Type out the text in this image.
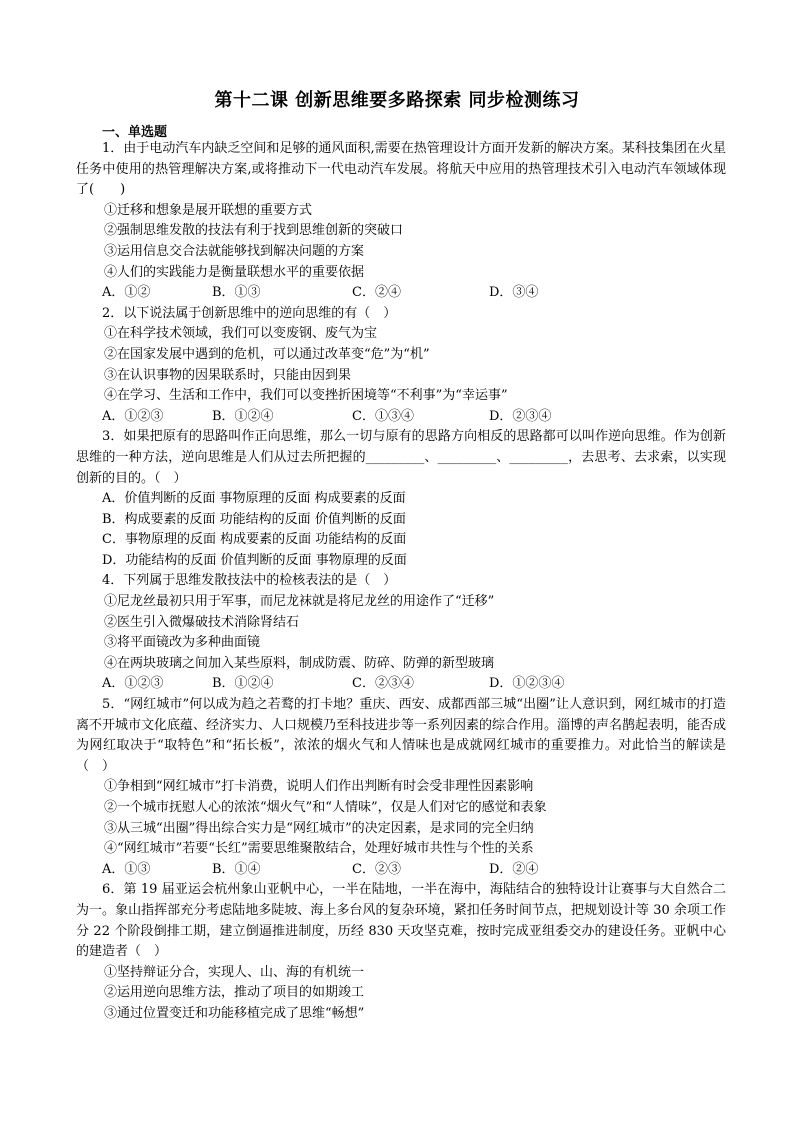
第十二课 创新思维要多路探索 同步检测练习
一、单选题

1．由于电动汽车内缺乏空间和足够的通风面积,需要在热管理设计方面开发新的解决方案。某科技集团在火星任务中使用的热管理解决方案,或将推动下一代电动汽车发展。将航天中应用的热管理技术引入电动汽车领域体现了(　　)

①迁移和想象是展开联想的重要方式
②强制思维发散的技法有利于找到思维创新的突破口
③运用信息交合法就能够找到解决问题的方案
④人们的实践能力是衡量联想水平的重要依据
A．①②	B．①③	C．②④	D．③④

2．以下说法属于创新思维中的逆向思维的有（　）

①在科学技术领域，我们可以变废钢、废气为宝
②在国家发展中遇到的危机，可以通过改革变“危”为“机”
③在认识事物的因果联系时，只能由因到果
④在学习、生活和工作中，我们可以变挫折困境等“不利事”为“幸运事”
A．①②③	B．①②④	C．①③④	D．②③④

3．如果把原有的思路叫作正向思维，那么一切与原有的思路方向相反的思路都可以叫作逆向思维。作为创新思维的一种方法，逆向思维是人们从过去所把握的_________、_________、_________，去思考、去求索，以实现创新的目的。（　）

A．价值判断的反面 事物原理的反面 构成要素的反面
B．构成要素的反面 功能结构的反面 价值判断的反面
C．事物原理的反面 构成要素的反面 功能结构的反面
D．功能结构的反面 价值判断的反面 事物原理的反面

4．下列属于思维发散技法中的检核表法的是（　）

①尼龙丝最初只用于军事，而尼龙袜就是将尼龙丝的用途作了“迁移”
②医生引入微爆破技术消除肾结石
③将平面镜改为多种曲面镜
④在两块玻璃之间加入某些原料，制成防震、防碎、防弹的新型玻璃
A．①②③	B．①②④	C．②③④	D．①②③④

5．“网红城市”何以成为趋之若鹜的打卡地？重庆、西安、成都西部三城“出圈”让人意识到，网红城市的打造离不开城市文化底蕴、经济实力、人口规模乃至科技进步等一系列因素的综合作用。淄博的声名鹊起表明，能否成为网红取决于“取特色”和“拓长板”，浓浓的烟火气和人情味也是成就网红城市的重要推力。对此恰当的解读是（　）

①争相到“网红城市”打卡消费，说明人们作出判断有时会受非理性因素影响
②一个城市抚慰人心的浓浓“烟火气”和“人情味”，仅是人们对它的感觉和表象
③从三城“出圈”得出综合实力是“网红城市”的决定因素，是求同的完全归纳
④“网红城市”若要“长红”需要思维聚散结合，处理好城市共性与个性的关系
A．①③	B．①④	C．②③	D．②④

6．第 19 届亚运会杭州象山亚帆中心，一半在陆地，一半在海中，海陆结合的独特设计让赛事与大自然合二为一。象山指挥部充分考虑陆地多陡坡、海上多台风的复杂环境，紧扣任务时间节点，把规划设计等 30 余项工作分 22 个阶段倒排工期，建立倒逼推进制度，历经 830 天攻坚克难，按时完成亚组委交办的建设任务。亚帆中心的建造者（　）

①坚持辩证分合，实现人、山、海的有机统一
②运用逆向思维方法，推动了项目的如期竣工
③通过位置变迁和功能移植完成了思维“畅想”
